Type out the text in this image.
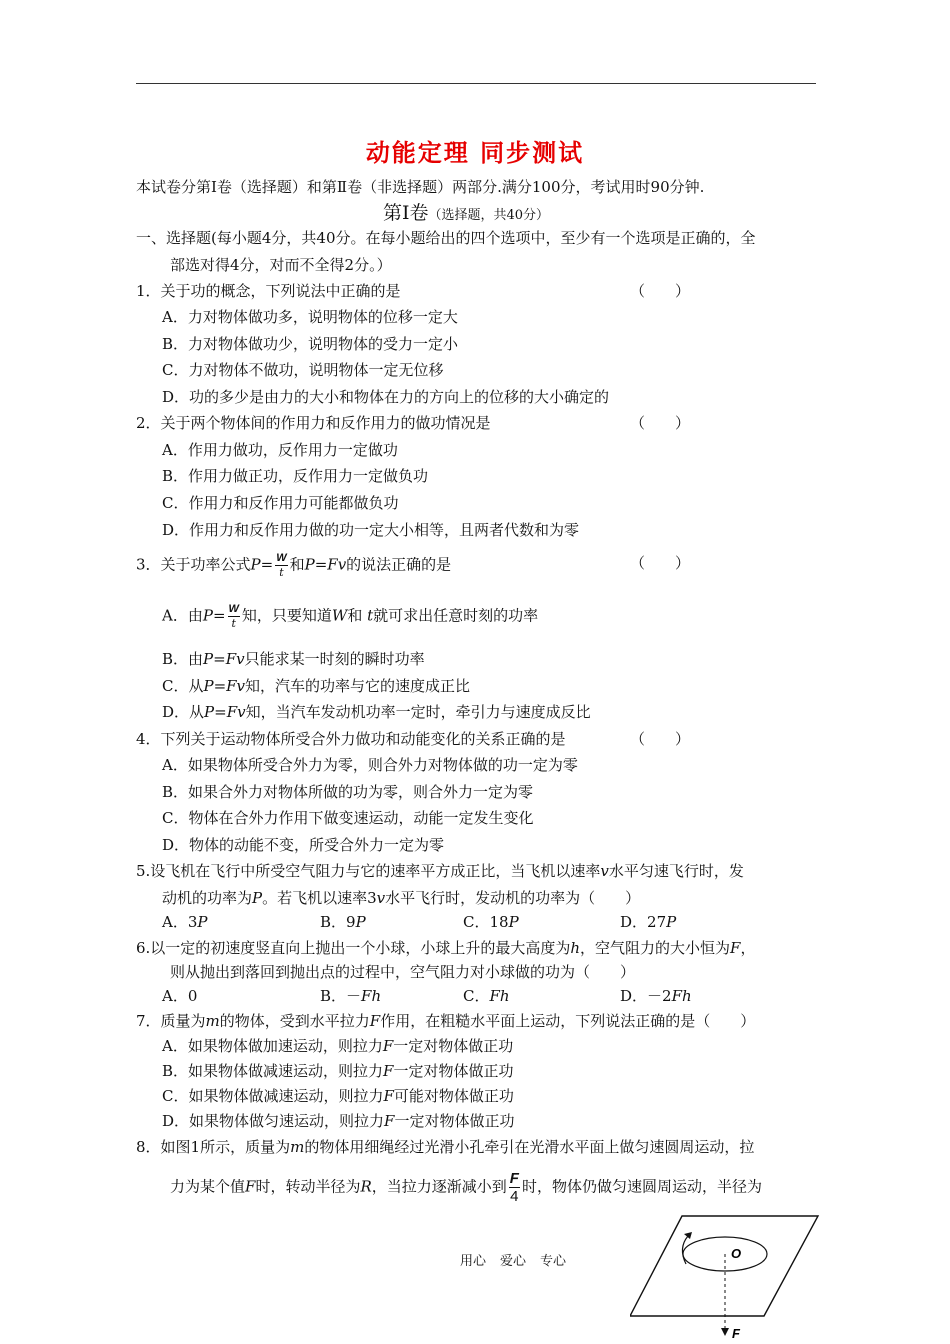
动能定理 同步测试
本试卷分第Ⅰ卷（选择题）和第Ⅱ卷（非选择题）两部分.满分100分，考试用时90分钟.
第Ⅰ卷（选择题，共40分）
一、选择题(每小题4分，共40分。在每小题给出的四个选项中，至少有一个选项是正确的，全
部选对得4分，对而不全得2分。）
1．关于功的概念，下列说法中正确的是	（　　）
A．力对物体做功多，说明物体的位移一定大
B．力对物体做功少，说明物体的受力一定小
C．力对物体不做功，说明物体一定无位移
D．功的多少是由力的大小和物体在力的方向上的位移的大小确定的
2．关于两个物体间的作用力和反作用力的做功情况是	（　　）
A．作用力做功，反作用力一定做功
B．作用力做正功，反作用力一定做负功
C．作用力和反作用力可能都做负功
D．作用力和反作用力做的功一定大小相等，且两者代数和为零
3．关于功率公式$P= \frac{W}{t}$ 和P=Fv的说法正确的是	（　　）
A．由$P= \frac{W}{t}$ 知，只要知道W和 t就可求出任意时刻的功率
B．由P=Fv只能求某一时刻的瞬时功率
C．从P=Fv知，汽车的功率与它的速度成正比
D．从P=Fv知，当汽车发动机功率一定时，牵引力与速度成反比
4．下列关于运动物体所受合外力做功和动能变化的关系正确的是	（　　）
A．如果物体所受合外力为零，则合外力对物体做的功一定为零
B．如果合外力对物体所做的功为零，则合外力一定为零
C．物体在合外力作用下做变速运动，动能一定发生变化
D．物体的动能不变，所受合外力一定为零
5.设飞机在飞行中所受空气阻力与它的速率平方成正比，当飞机以速率v水平匀速飞行时，发
动机的功率为P。若飞机以速率3v水平飞行时，发动机的功率为（　　）
A．3P	B．9P	C．18P	D．27P
6.以一定的初速度竖直向上抛出一个小球，小球上升的最大高度为h，空气阻力的大小恒为F，
则从抛出到落回到抛出点的过程中，空气阻力对小球做的功为（　　）
A．0	B．－Fh	C．Fh	D．－2Fh
7．质量为m的物体，受到水平拉力F作用，在粗糙水平面上运动，下列说法正确的是（　　）
A．如果物体做加速运动，则拉力F一定对物体做正功
B．如果物体做减速运动，则拉力F一定对物体做正功
C．如果物体做减速运动，则拉力F可能对物体做正功
D．如果物体做匀速运动，则拉力F一定对物体做正功
8．如图1所示，质量为m的物体用细绳经过光滑小孔牵引在光滑水平面上做匀速圆周运动，拉
力为某个值F时，转动半径为R，当拉力逐渐减小到 $\frac{F}{4}$ 时，物体仍做匀速圆周运动，半径为
用心 爱心 专心
O
F
